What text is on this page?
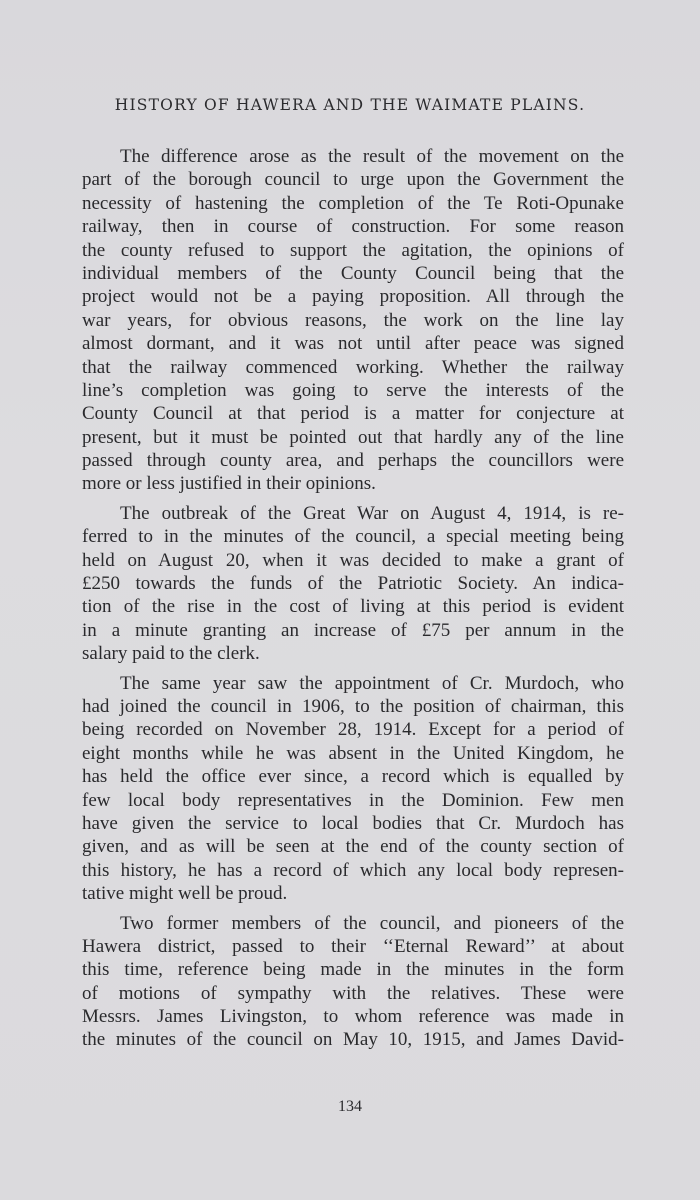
HISTORY OF HAWERA AND THE WAIMATE PLAINS.
The difference arose as the result of the movement on the
part of the borough council to urge upon the Government the
necessity of hastening the completion of the Te Roti-Opunake
railway, then in course of construction. For some reason
the county refused to support the agitation, the opinions of
individual members of the County Council being that the
project would not be a paying proposition. All through the
war years, for obvious reasons, the work on the line lay
almost dormant, and it was not until after peace was signed
that the railway commenced working. Whether the railway
line’s completion was going to serve the interests of the
County Council at that period is a matter for conjecture at
present, but it must be pointed out that hardly any of the line
passed through county area, and perhaps the councillors were
more or less justified in their opinions.
The outbreak of the Great War on August 4, 1914, is re-
ferred to in the minutes of the council, a special meeting being
held on August 20, when it was decided to make a grant of
£250 towards the funds of the Patriotic Society. An indica-
tion of the rise in the cost of living at this period is evident
in a minute granting an increase of £75 per annum in the
salary paid to the clerk.
The same year saw the appointment of Cr. Murdoch, who
had joined the council in 1906, to the position of chairman, this
being recorded on November 28, 1914. Except for a period of
eight months while he was absent in the United Kingdom, he
has held the office ever since, a record which is equalled by
few local body representatives in the Dominion. Few men
have given the service to local bodies that Cr. Murdoch has
given, and as will be seen at the end of the county section of
this history, he has a record of which any local body represen-
tative might well be proud.
Two former members of the council, and pioneers of the
Hawera district, passed to their ‘‘Eternal Reward’’ at about
this time, reference being made in the minutes in the form
of motions of sympathy with the relatives. These were
Messrs. James Livingston, to whom reference was made in
the minutes of the council on May 10, 1915, and James David-
134
